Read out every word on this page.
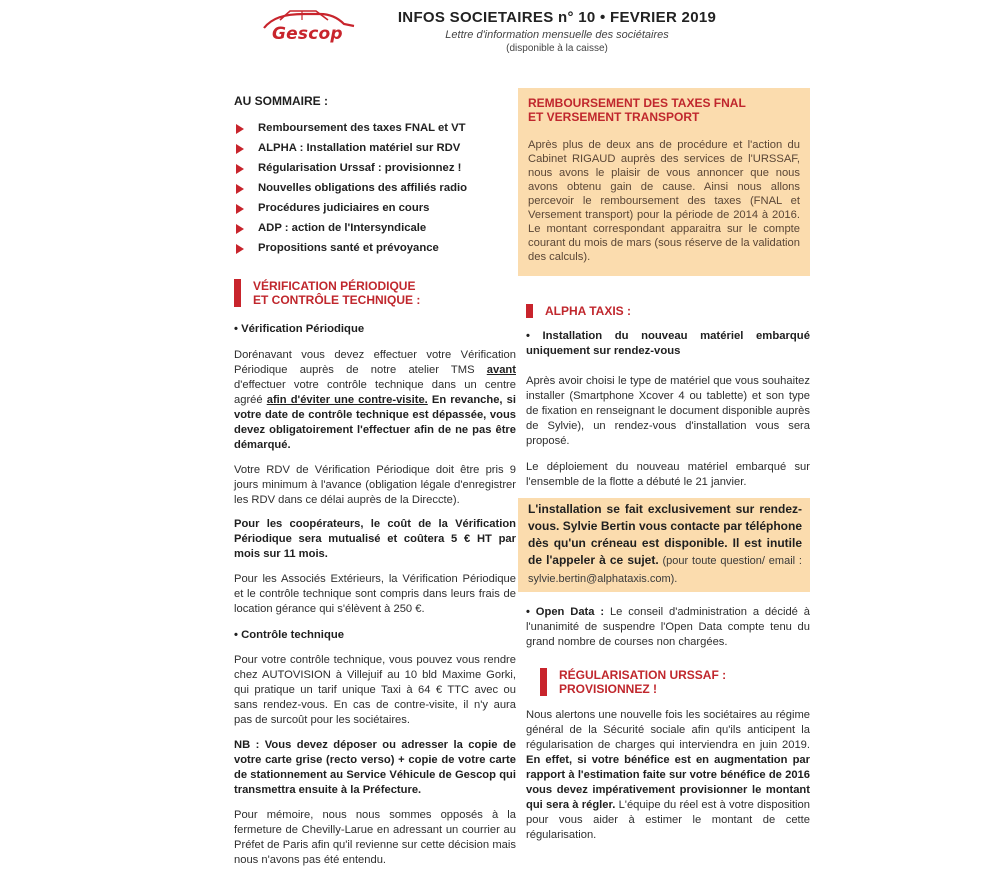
Gescop
INFOS SOCIETAIRES n° 10 • FEVRIER 2019
Lettre d'information mensuelle des sociétaires
(disponible à la caisse)
AU SOMMAIRE :
Remboursement des taxes FNAL et VT
ALPHA : Installation matériel sur RDV
Régularisation Urssaf : provisionnez !
Nouvelles obligations des affiliés radio
Procédures judiciaires en cours
ADP : action de l'Intersyndicale
Propositions santé et prévoyance
VÉRIFICATION PÉRIODIQUE
ET CONTRÔLE TECHNIQUE :
• Vérification Périodique
Dorénavant vous devez effectuer votre Vérification Périodique auprès de notre atelier TMS avant d'effectuer votre contrôle technique dans un centre agréé afin d'éviter une contre-visite. En revanche, si votre date de contrôle technique est dépassée, vous devez obligatoirement l'effectuer afin de ne pas être démarqué.
Votre RDV de Vérification Périodique doit être pris 9 jours minimum à l'avance (obligation légale d'enregistrer les RDV dans ce délai auprès de la Direccte).
Pour les coopérateurs, le coût de la Vérification Périodique sera mutualisé et coûtera 5 € HT par mois sur 11 mois.
Pour les Associés Extérieurs, la Vérification Périodique et le contrôle technique sont compris dans leurs frais de location gérance qui s'élèvent à 250 €.
• Contrôle technique
Pour votre contrôle technique, vous pouvez vous rendre chez AUTOVISION à Villejuif au 10 bld Maxime Gorki, qui pratique un tarif unique Taxi à 64 € TTC avec ou sans rendez-vous. En cas de contre-visite, il n'y aura pas de surcoût pour les sociétaires.
NB : Vous devez déposer ou adresser la copie de votre carte grise (recto verso) + copie de votre carte de stationnement au Service Véhicule de Gescop qui transmettra ensuite à la Préfecture.
Pour mémoire, nous nous sommes opposés à la fermeture de Chevilly-Larue en adressant un courrier au Préfet de Paris afin qu'il revienne sur cette décision mais nous n'avons pas été entendu.
REMBOURSEMENT DES TAXES FNAL
ET VERSEMENT TRANSPORT
Après plus de deux ans de procédure et l'action du Cabinet RIGAUD auprès des services de l'URSSAF, nous avons le plaisir de vous annoncer que nous avons obtenu gain de cause. Ainsi nous allons percevoir le remboursement des taxes (FNAL et Versement transport) pour la période de 2014 à 2016. Le montant correspondant apparaitra sur le compte courant du mois de mars (sous réserve de la validation des calculs).
ALPHA TAXIS :
• Installation du nouveau matériel embarqué uniquement sur rendez-vous
Après avoir choisi le type de matériel que vous souhaitez installer (Smartphone Xcover 4 ou tablette) et son type de fixation en renseignant le document disponible auprès de Sylvie), un rendez-vous d'installation vous sera proposé.
Le déploiement du nouveau matériel embarqué sur l'ensemble de la flotte a débuté le 21 janvier.
L'installation se fait exclusivement sur rendez-vous. Sylvie Bertin vous contacte par téléphone dès qu'un créneau est disponible. Il est inutile de l'appeler à ce sujet. (pour toute question/ email : sylvie.bertin@alphataxis.com).
• Open Data : Le conseil d'administration a décidé à l'unanimité de suspendre l'Open Data compte tenu du grand nombre de courses non chargées.
RÉGULARISATION URSSAF :
PROVISIONNEZ !
Nous alertons une nouvelle fois les sociétaires au régime général de la Sécurité sociale afin qu'ils anticipent la régularisation de charges qui interviendra en juin 2019. En effet, si votre bénéfice est en augmentation par rapport à l'estimation faite sur votre bénéfice de 2016 vous devez impérativement provisionner le montant qui sera à régler. L'équipe du réel est à votre disposition pour vous aider à estimer le montant de cette régularisation.
